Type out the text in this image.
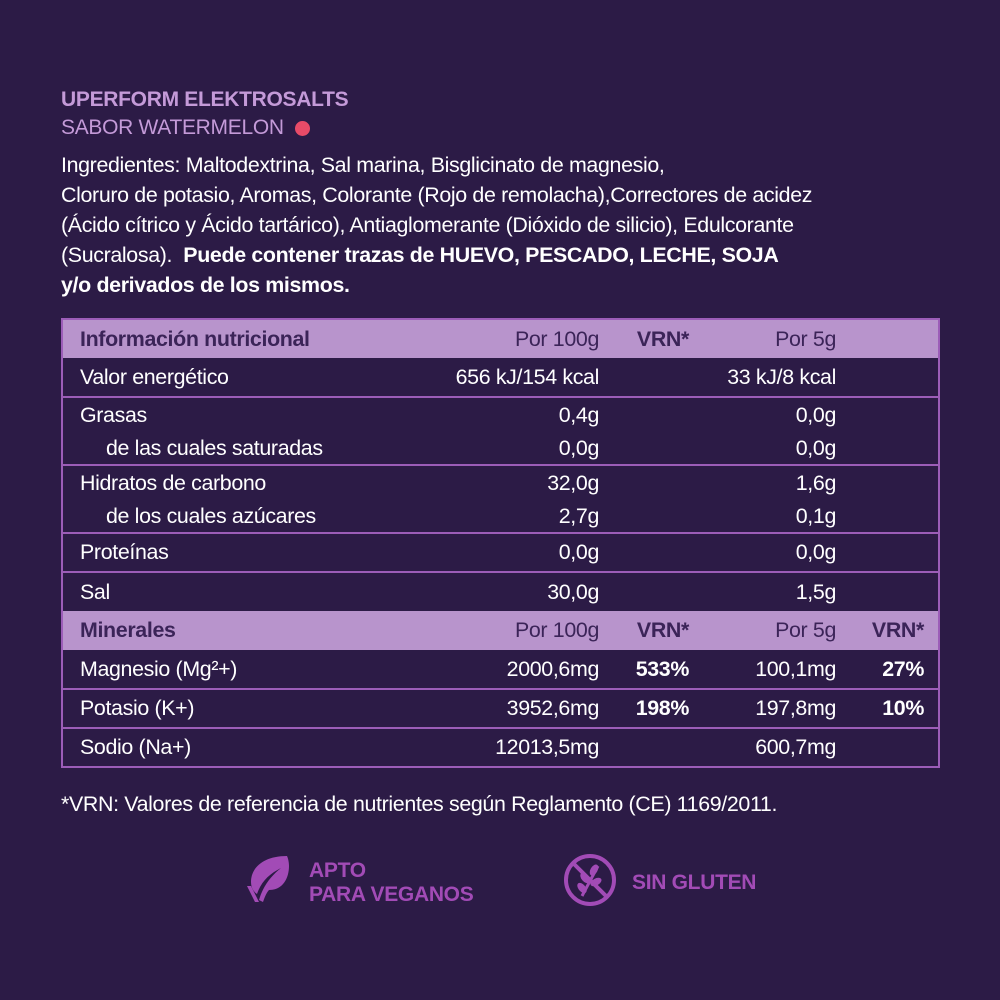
UPERFORM ELEKTROSALTS
SABOR WATERMELON
Ingredientes: Maltodextrina, Sal marina, Bisglicinato de magnesio,
Cloruro de potasio, Aromas, Colorante (Rojo de remolacha),Correctores de acidez
(Ácido cítrico y Ácido tartárico), Antiaglomerante (Dióxido de silicio), Edulcorante
(Sucralosa). Puede contener trazas de HUEVO, PESCADO, LECHE, SOJA
y/o derivados de los mismos.
Información nutricional	Por 100g	VRN*	Por 5g		
Valor energético	656 kJ/154 kcal		33 kJ/8 kcal		
Grasas	0,4g		0,0g		
de las cuales saturadas	0,0g		0,0g		
Hidratos de carbono	32,0g		1,6g		
de los cuales azúcares	2,7g		0,1g		
Proteínas	0,0g		0,0g		
Sal	30,0g		1,5g		
Minerales	Por 100g	VRN*	Por 5g	VRN*	
Magnesio (Mg²+)	2000,6mg	533%	100,1mg	27%	
Potasio (K+)	3952,6mg	198%	197,8mg	10%	
Sodio (Na+)	12013,5mg		600,7mg		
*VRN: Valores de referencia de nutrientes según Reglamento (CE) 1169/2011.
APTO
PARA VEGANOS
SIN GLUTEN
